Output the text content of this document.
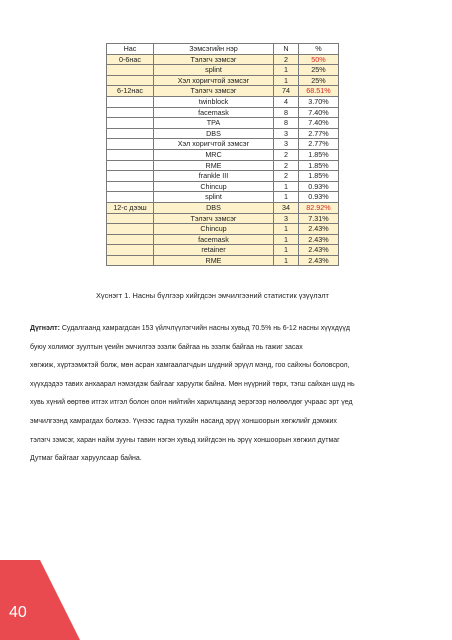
Нас	Зэмсэгийн нэр	N	%
0-6нас	Тэлэгч зэмсэг	2	50%
	splint	1	25%
	Хэл хоригчтой зэмсэг	1	25%
6-12нас	Тэлэгч зэмсэг	74	68.51%
	twinblock	4	3.70%
	facemask	8	7.40%
	TPA	8	7.40%
	DBS	3	2.77%
	Хэл хоригчтой зэмсэг	3	2.77%
	MRC	2	1.85%
	RME	2	1.85%
	frankle III	2	1.85%
	Chincup	1	0.93%
	splint	1	0.93%
12-с дээш	DBS	34	82.92%
	Тэлэгч зэмсэг	3	7.31%
	Chincup	1	2.43%
	facemask	1	2.43%
	retainer	1	2.43%
	RME	1	2.43%
Хүснэгт 1. Насны бүлгээр хийгдсэн эмчилгээний статистик үзүүлэлт
Дүгнэлт: Судалгаанд хамрагдсан 153 үйлчлүүлэгчийн насны хувьд 70.5% нь 6-12 насны хүүхдүүд
буюу холимог зуултын үеийн эмчилгээ эзэлж байгаа нь эзэлж байгаа нь гажиг засах
хөгжиж, хүртээмжтэй болж, мөн асран хамгаалагчдын шүдний эрүүл мэнд, гоо сайхны боловсрол,
хүүхдэдээ тавих анхаарал нэмэгдэж байгааг харуулж байна. Мөн нүүрний төрх, тэгш сайхан шүд нь
хувь хүний өөртөө итгэх итгэл болон олон нийтийн харилцаанд эерэгээр нөлөөлдөг учраас эрт үед
эмчилгээнд хамрагдах болжээ. Үүнээс гадна тухайн насанд эрүү хоншоорын хөгжлийг дэмжих
тэлэгч зэмсэг, харан найм зууны тавин нэгэн хувьд хийгдсэн нь эрүү хоншоорын хөгжил дутмаг
Дутмаг байгааг харуулсаар байна.
40
